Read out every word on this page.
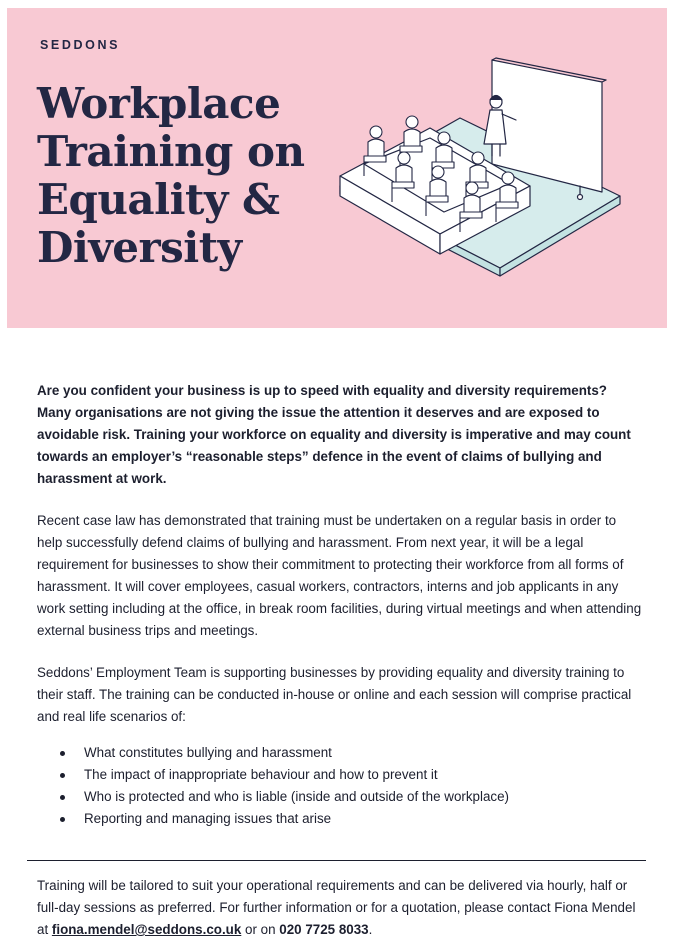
SEDDONS
Workplace
Training on
Equality &
Diversity

Are you confident your business is up to speed with equality and diversity requirements? Many organisations are not giving the issue the attention it deserves and are exposed to avoidable risk. Training your workforce on equality and diversity is imperative and may count towards an employer’s “reasonable steps” defence in the event of claims of bullying and harassment at work.

Recent case law has demonstrated that training must be undertaken on a regular basis in order to help successfully defend claims of bullying and harassment. From next year, it will be a legal requirement for businesses to show their commitment to protecting their workforce from all forms of harassment. It will cover employees, casual workers, contractors, interns and job applicants in any work setting including at the office, in break room facilities, during virtual meetings and when attending external business trips and meetings.

Seddons’ Employment Team is supporting businesses by providing equality and diversity training to their staff. The training can be conducted in-house or online and each session will comprise practical and real life scenarios of:

What constitutes bullying and harassment
The impact of inappropriate behaviour and how to prevent it
Who is protected and who is liable (inside and outside of the workplace)
Reporting and managing issues that arise

Training will be tailored to suit your operational requirements and can be delivered via hourly, half or full-day sessions as preferred. For further information or for a quotation, please contact Fiona Mendel at fiona.mendel@seddons.co.uk or on 020 7725 8033.
